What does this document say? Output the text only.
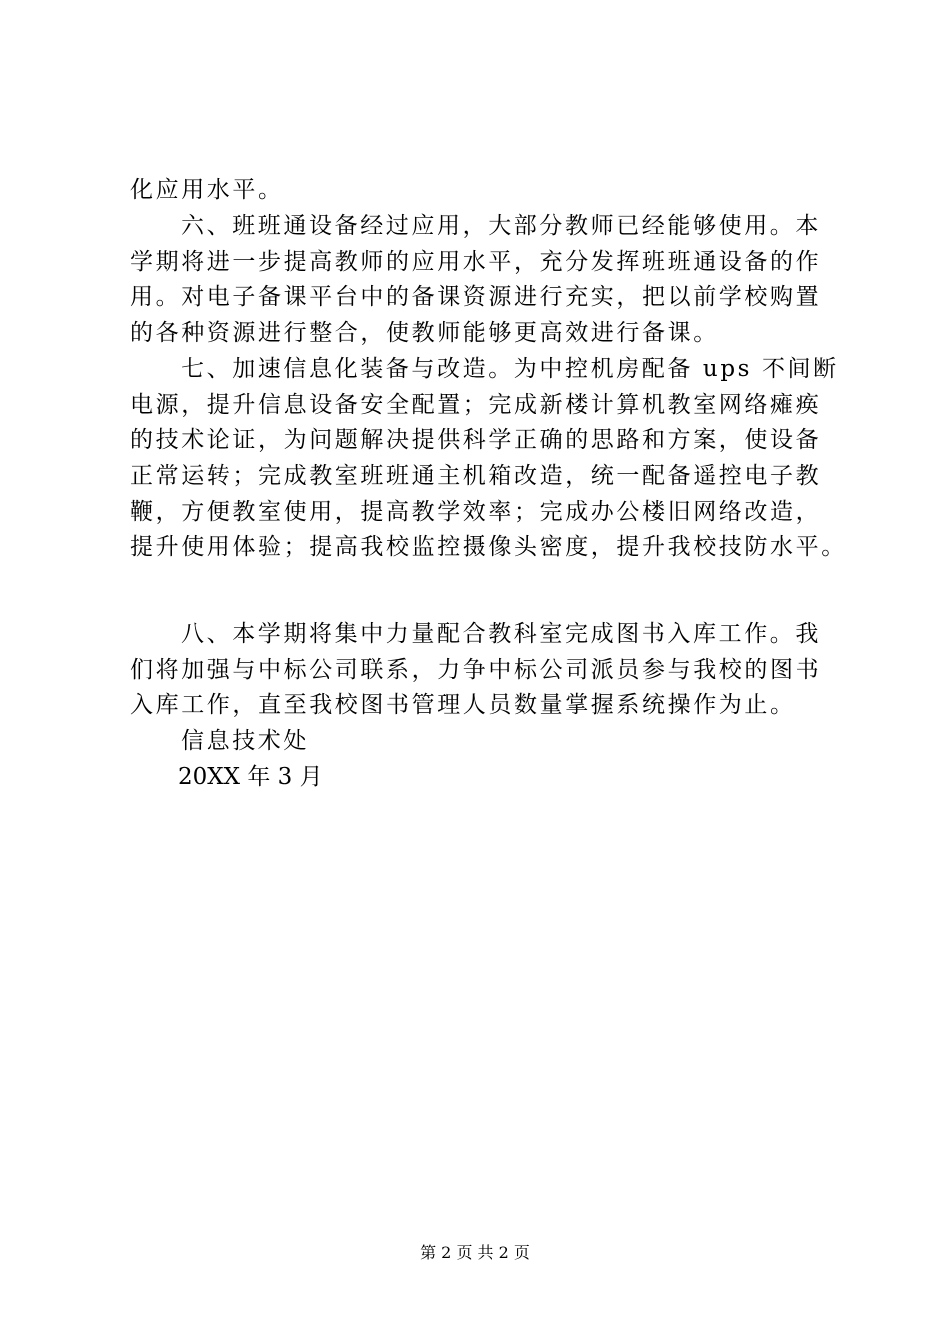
化应用水平。
六、班班通设备经过应用，大部分教师已经能够使用。本
学期将进一步提高教师的应用水平，充分发挥班班通设备的作
用。对电子备课平台中的备课资源进行充实，把以前学校购置
的各种资源进行整合，使教师能够更高效进行备课。
七、加速信息化装备与改造。为中控机房配备 ups 不间断
电源，提升信息设备安全配置；完成新楼计算机教室网络瘫痪
的技术论证，为问题解决提供科学正确的思路和方案，使设备
正常运转；完成教室班班通主机箱改造，统一配备遥控电子教
鞭，方便教室使用，提高教学效率；完成办公楼旧网络改造，
提升使用体验；提高我校监控摄像头密度，提升我校技防水平。
八、本学期将集中力量配合教科室完成图书入库工作。我
们将加强与中标公司联系，力争中标公司派员参与我校的图书
入库工作，直至我校图书管理人员数量掌握系统操作为止。
信息技术处
20XX 年 3 月
第 2 页 共 2 页
